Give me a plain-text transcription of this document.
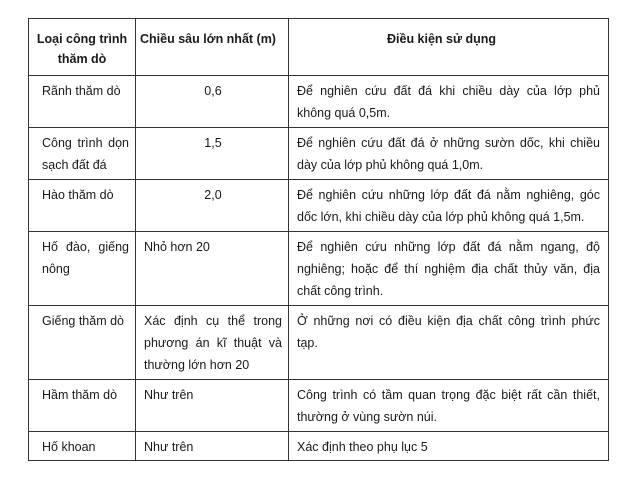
Loại công trình thăm dò	Chiều sâu lớn nhất (m)	Điều kiện sử dụng
Rãnh thăm dò	0,6	Để nghiên cứu đất đá khi chiều dày của lớp phủ không quá 0,5m.
Công trình dọn sạch đất đá	1,5	Để nghiên cứu đất đá ở những sườn dốc, khi chiều dày của lớp phủ không quá 1,0m.
Hào thăm dò	2,0	Để nghiên cứu những lớp đất đá nằm nghiêng, góc dốc lớn, khi chiều dày của lớp phủ không quá 1,5m.
Hố đào, giếng nông	Nhỏ hơn 20	Để nghiên cứu những lớp đất đá nằm ngang, độ nghiêng; hoặc để thí nghiệm địa chất thủy văn, địa chất công trình.
Giếng thăm dò	Xác định cụ thể trong phương án kĩ thuật và thường lớn hơn 20	Ở những nơi có điều kiện địa chất công trình phức tạp.
Hầm thăm dò	Như trên	Công trình có tầm quan trọng đặc biệt rất cần thiết, thường ở vùng sườn núi.
Hố khoan	Như trên	Xác định theo phụ lục 5
